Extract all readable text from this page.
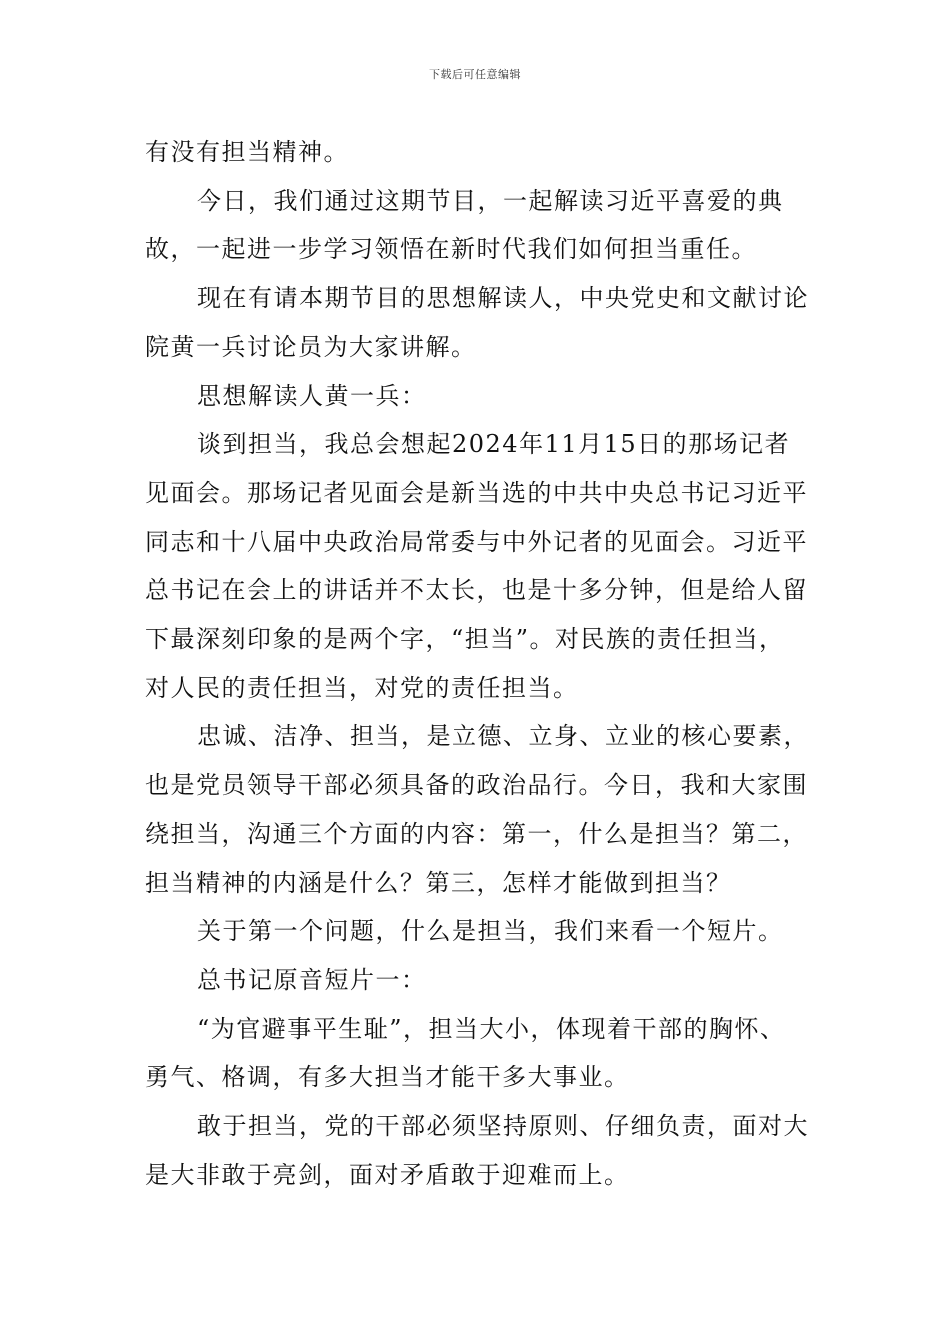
下载后可任意编辑

有没有担当精神。

今日，我们通过这期节目，一起解读习近平喜爱的典故，一起进一步学习领悟在新时代我们如何担当重任。

现在有请本期节目的思想解读人，中央党史和文献讨论院黄一兵讨论员为大家讲解。

思想解读人黄一兵：

谈到担当，我总会想起2024年11月15日的那场记者见面会。那场记者见面会是新当选的中共中央总书记习近平同志和十八届中央政治局常委与中外记者的见面会。习近平总书记在会上的讲话并不太长，也是十多分钟，但是给人留下最深刻印象的是两个字，“担当”。对民族的责任担当，对人民的责任担当，对党的责任担当。

忠诚、洁净、担当，是立德、立身、立业的核心要素，也是党员领导干部必须具备的政治品行。今日，我和大家围绕担当，沟通三个方面的内容：第一，什么是担当？第二，担当精神的内涵是什么？第三，怎样才能做到担当？

关于第一个问题，什么是担当，我们来看一个短片。

总书记原音短片一：

“为官避事平生耻”，担当大小，体现着干部的胸怀、勇气、格调，有多大担当才能干多大事业。

敢于担当，党的干部必须坚持原则、仔细负责，面对大是大非敢于亮剑，面对矛盾敢于迎难而上。
